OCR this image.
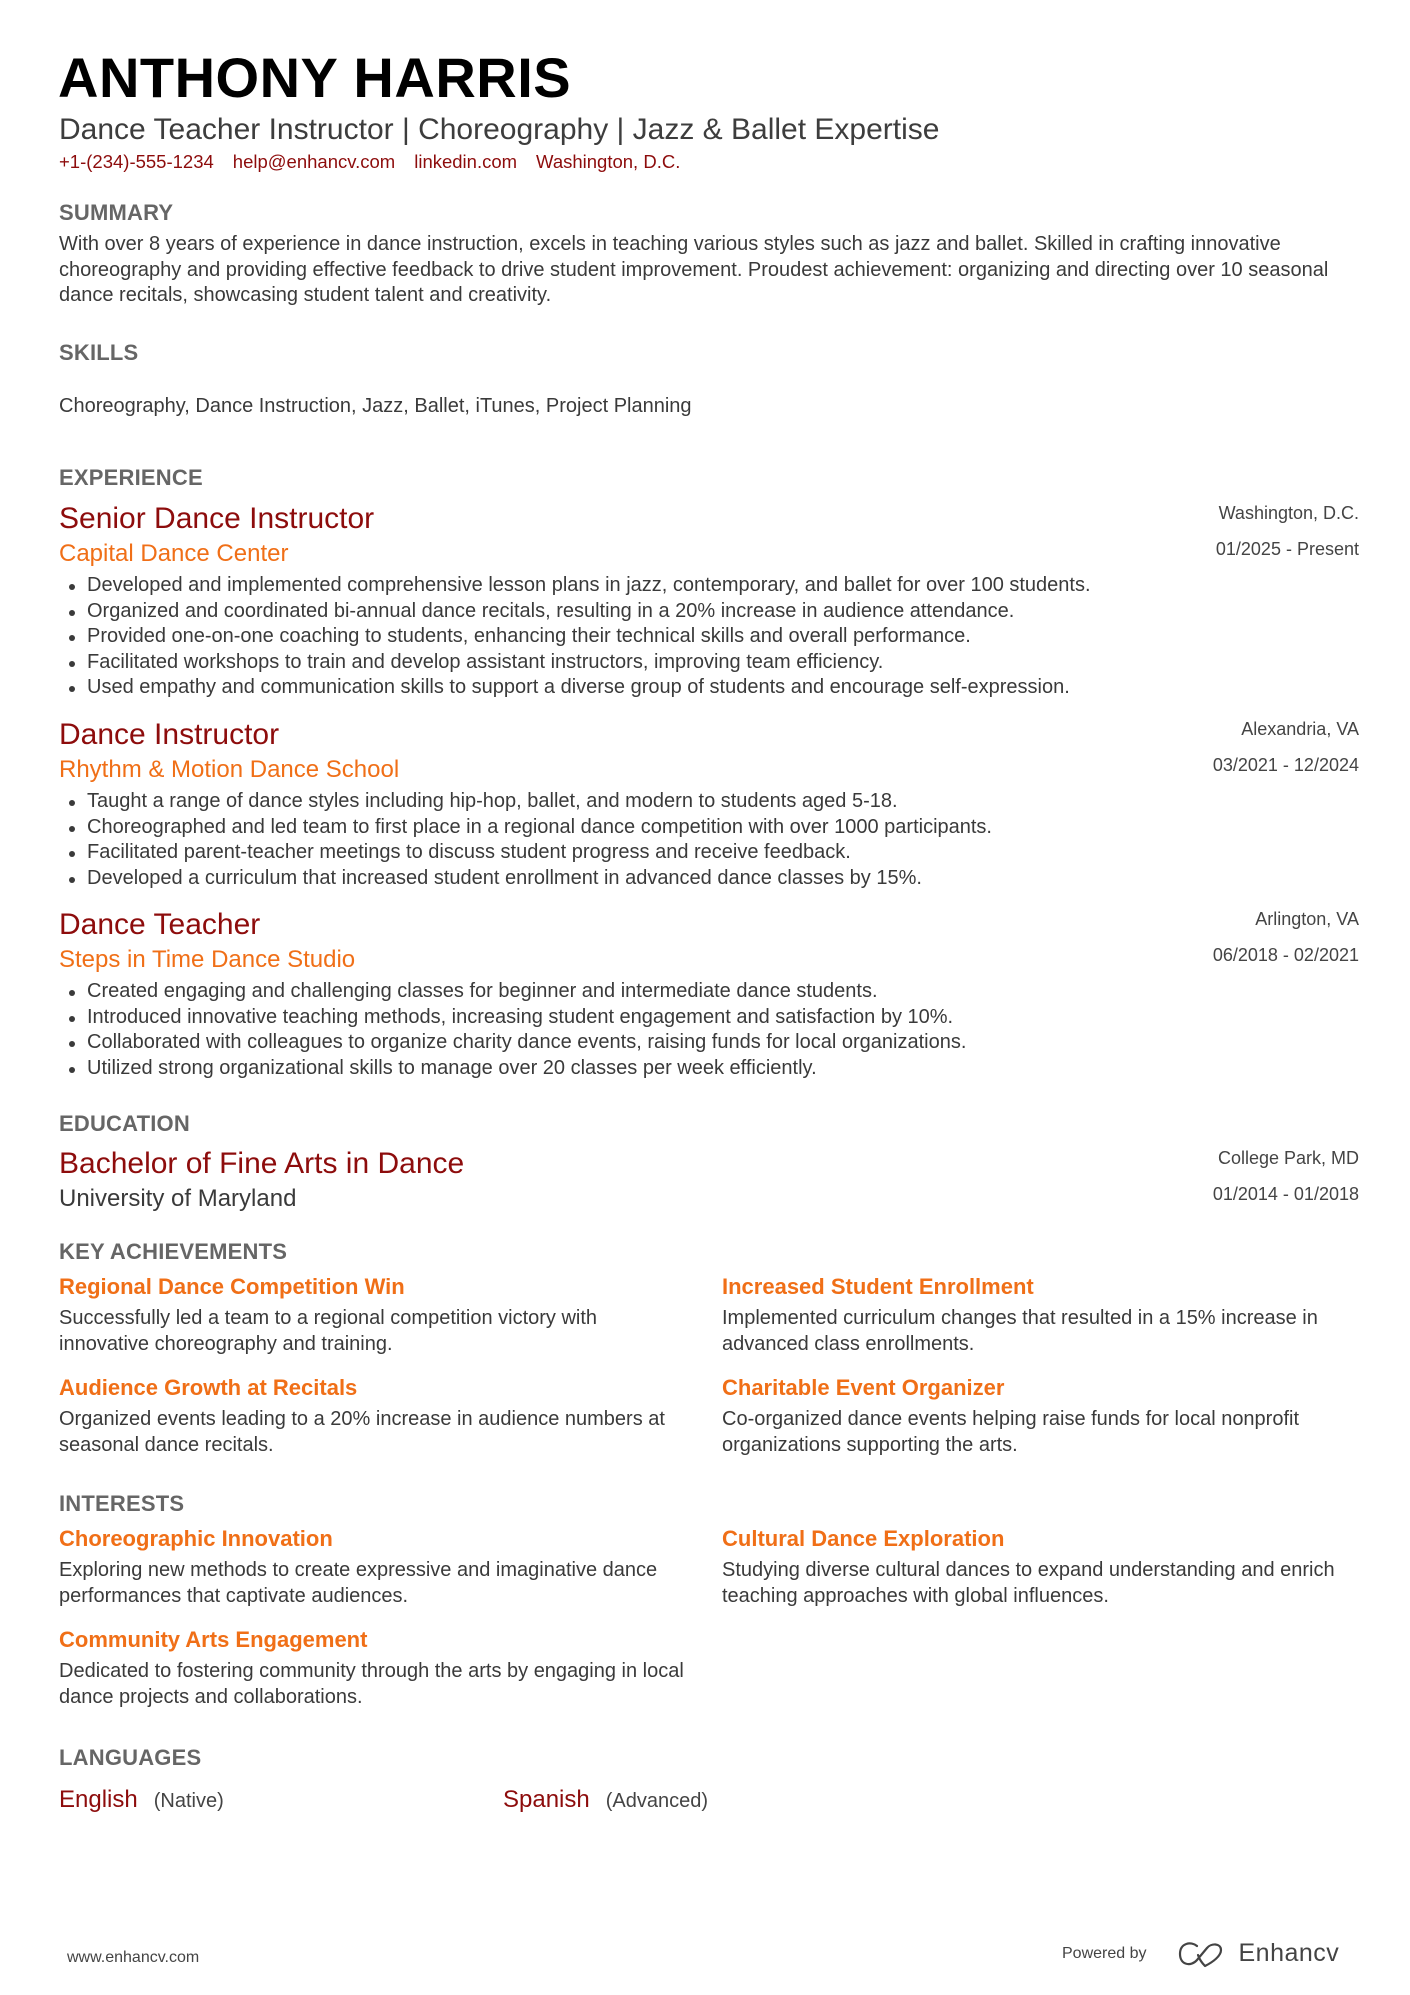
ANTHONY HARRIS
Dance Teacher Instructor | Choreography | Jazz & Ballet Expertise
+1-(234)-555-1234 help@enhancv.com linkedin.com Washington, D.C.
SUMMARY
With over 8 years of experience in dance instruction, excels in teaching various styles such as jazz and ballet. Skilled in crafting innovative choreography and providing effective feedback to drive student improvement. Proudest achievement: organizing and directing over 10 seasonal dance recitals, showcasing student talent and creativity.
SKILLS
Choreography, Dance Instruction, Jazz, Ballet, iTunes, Project Planning
EXPERIENCE
Senior Dance Instructor	Washington, D.C.
Capital Dance Center	01/2025 - Present
Developed and implemented comprehensive lesson plans in jazz, contemporary, and ballet for over 100 students.
Organized and coordinated bi-annual dance recitals, resulting in a 20% increase in audience attendance.
Provided one-on-one coaching to students, enhancing their technical skills and overall performance.
Facilitated workshops to train and develop assistant instructors, improving team efficiency.
Used empathy and communication skills to support a diverse group of students and encourage self-expression.
Dance Instructor	Alexandria, VA
Rhythm & Motion Dance School	03/2021 - 12/2024
Taught a range of dance styles including hip-hop, ballet, and modern to students aged 5-18.
Choreographed and led team to first place in a regional dance competition with over 1000 participants.
Facilitated parent-teacher meetings to discuss student progress and receive feedback.
Developed a curriculum that increased student enrollment in advanced dance classes by 15%.
Dance Teacher	Arlington, VA
Steps in Time Dance Studio	06/2018 - 02/2021
Created engaging and challenging classes for beginner and intermediate dance students.
Introduced innovative teaching methods, increasing student engagement and satisfaction by 10%.
Collaborated with colleagues to organize charity dance events, raising funds for local organizations.
Utilized strong organizational skills to manage over 20 classes per week efficiently.
EDUCATION
Bachelor of Fine Arts in Dance	College Park, MD
University of Maryland	01/2014 - 01/2018
KEY ACHIEVEMENTS
Regional Dance Competition Win
Successfully led a team to a regional competition victory with innovative choreography and training.
Increased Student Enrollment
Implemented curriculum changes that resulted in a 15% increase in advanced class enrollments.
Audience Growth at Recitals
Organized events leading to a 20% increase in audience numbers at seasonal dance recitals.
Charitable Event Organizer
Co-organized dance events helping raise funds for local nonprofit organizations supporting the arts.
INTERESTS
Choreographic Innovation
Exploring new methods to create expressive and imaginative dance performances that captivate audiences.
Cultural Dance Exploration
Studying diverse cultural dances to expand understanding and enrich teaching approaches with global influences.
Community Arts Engagement
Dedicated to fostering community through the arts by engaging in local dance projects and collaborations.
LANGUAGES
English (Native)	Spanish (Advanced)
www.enhancv.com	Powered by	Enhancv
